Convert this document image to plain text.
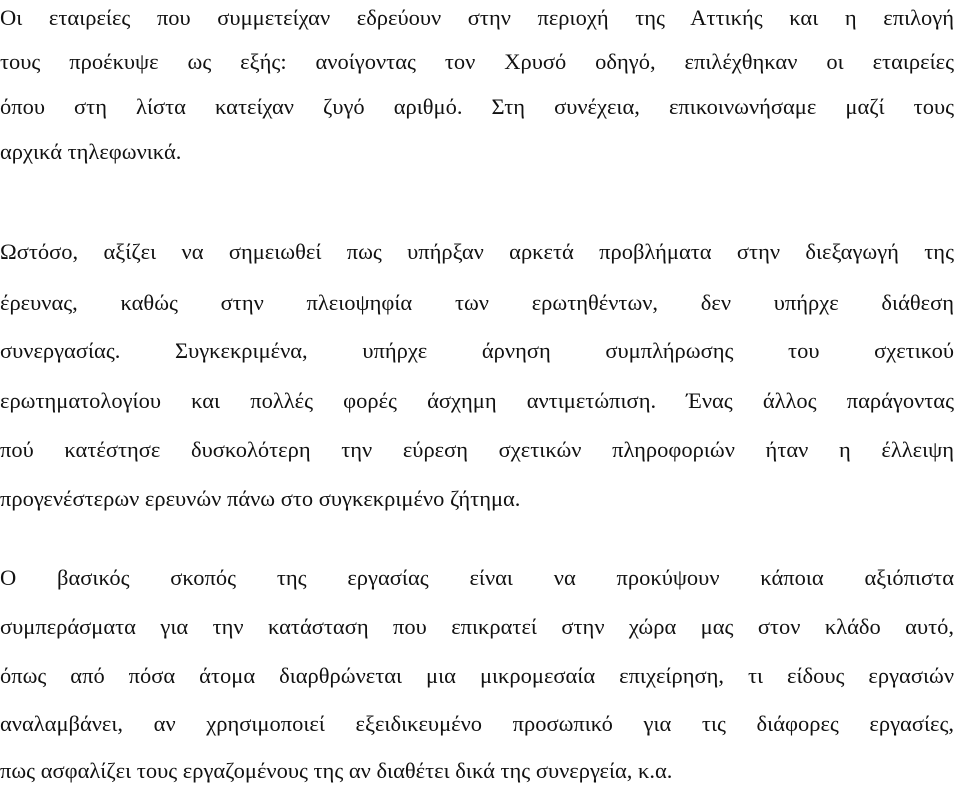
Οι εταιρείες που συμμετείχαν εδρεύουν στην περιοχή της Αττικής και η επιλογή
τους προέκυψε ως εξής: ανοίγοντας τον Χρυσό οδηγό, επιλέχθηκαν οι εταιρείες
όπου στη λίστα κατείχαν ζυγό αριθμό. Στη συνέχεια, επικοινωνήσαμε μαζί τους
αρχικά τηλεφωνικά.
Ωστόσο, αξίζει να σημειωθεί πως υπήρξαν αρκετά προβλήματα στην διεξαγωγή της
έρευνας, καθώς στην πλειοψηφία των ερωτηθέντων, δεν υπήρχε διάθεση
συνεργασίας. Συγκεκριμένα, υπήρχε άρνηση συμπλήρωσης του σχετικού
ερωτηματολογίου και πολλές φορές άσχημη αντιμετώπιση. Ένας άλλος παράγοντας
πού κατέστησε δυσκολότερη την εύρεση σχετικών πληροφοριών ήταν η έλλειψη
προγενέστερων ερευνών πάνω στο συγκεκριμένο ζήτημα.
Ο βασικός σκοπός της εργασίας είναι να προκύψουν κάποια αξιόπιστα
συμπεράσματα για την κατάσταση που επικρατεί στην χώρα μας στον κλάδο αυτό,
όπως από πόσα άτομα διαρθρώνεται μια μικρομεσαία επιχείρηση, τι είδους εργασιών
αναλαμβάνει, αν χρησιμοποιεί εξειδικευμένο προσωπικό για τις διάφορες εργασίες,
πως ασφαλίζει τους εργαζομένους της αν διαθέτει δικά της συνεργεία, κ.α.
